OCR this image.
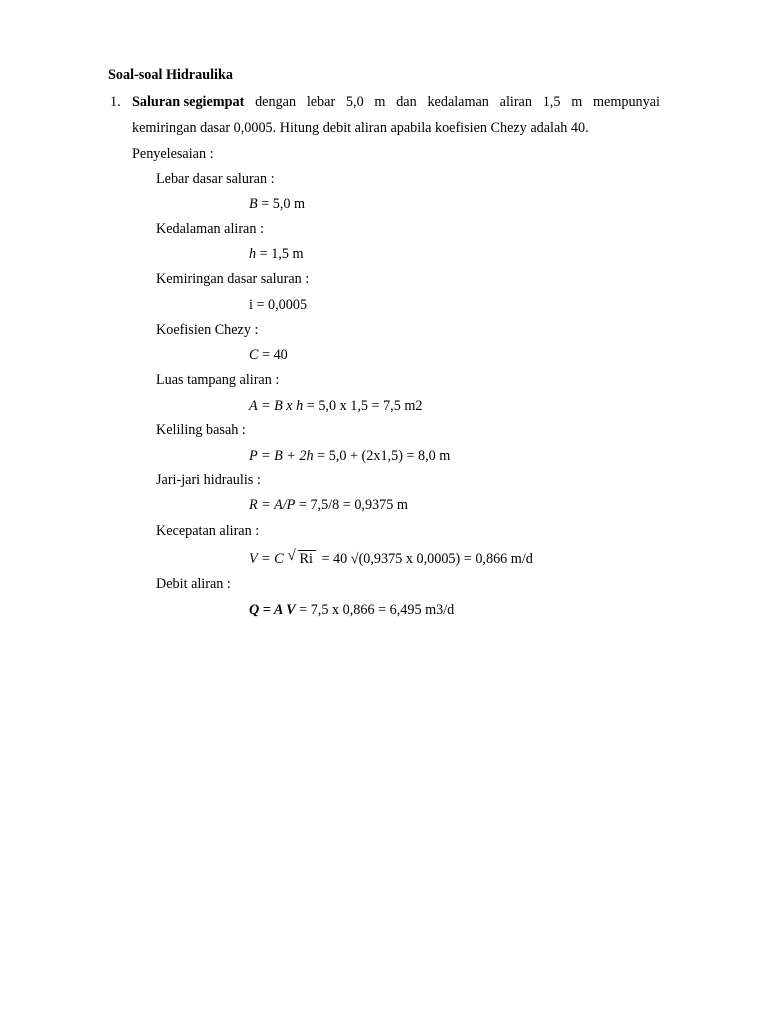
Soal-soal Hidraulika
1. Saluran segiempat dengan lebar 5,0 m dan kedalaman aliran 1,5 m mempunyai
kemiringan dasar 0,0005. Hitung debit aliran apabila koefisien Chezy adalah 40.
Penyelesaian :
Lebar dasar saluran :
B = 5,0 m
Kedalaman aliran :
h = 1,5 m
Kemiringan dasar saluran :
i = 0,0005
Koefisien Chezy :
C = 40
Luas tampang aliran :
A = B x h = 5,0 x 1,5 = 7,5 m2
Keliling basah :
P = B + 2h = 5,0 + (2x1,5) = 8,0 m
Jari-jari hidraulis :
R = A/P = 7,5/8 = 0,9375 m
Kecepatan aliran :
V = C √ Ri = 40 √(0,9375 x 0,0005) = 0,866 m/d
Debit aliran :
Q = A V = 7,5 x 0,866 = 6,495 m3/d
